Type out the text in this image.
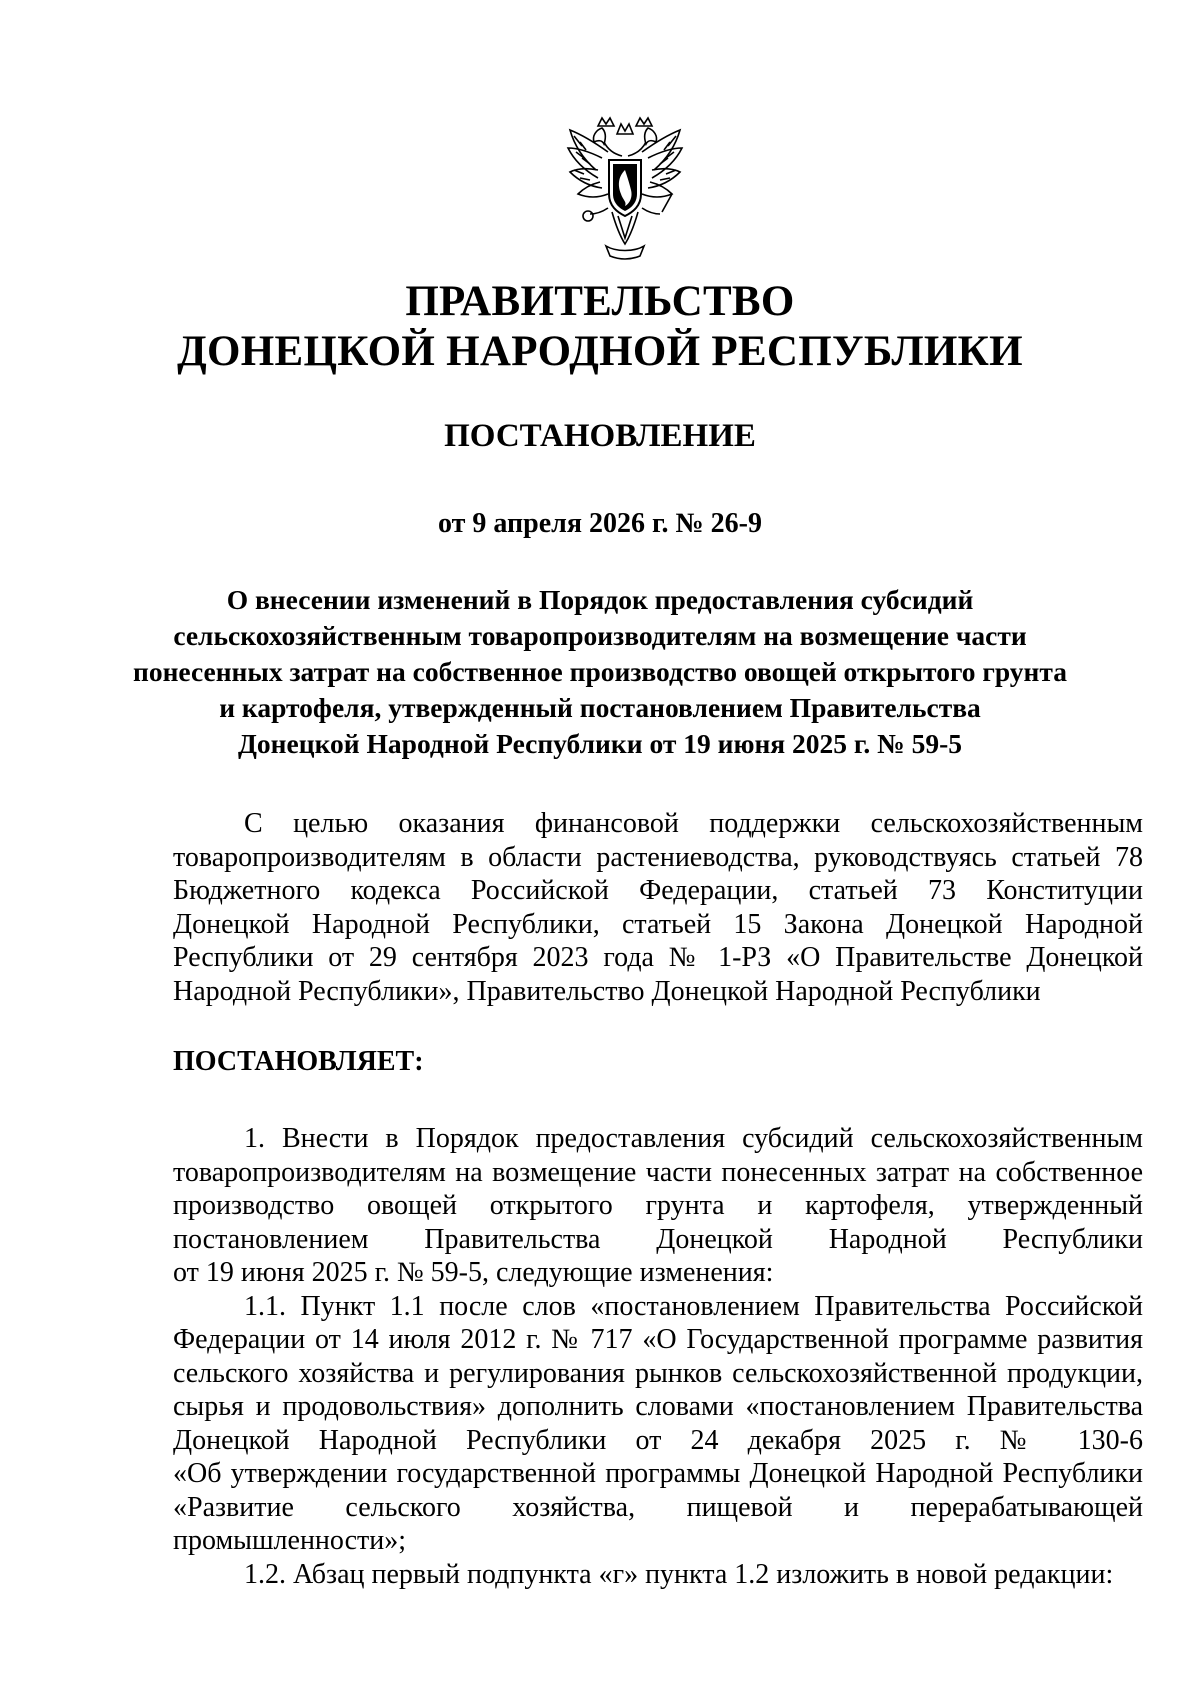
ПРАВИТЕЛЬСТВО
ДОНЕЦКОЙ НАРОДНОЙ РЕСПУБЛИКИ
ПОСТАНОВЛЕНИЕ
от 9 апреля 2026 г. № 26-9
О внесении изменений в Порядок предоставления субсидий
сельскохозяйственным товаропроизводителям на возмещение части
понесенных затрат на собственное производство овощей открытого грунта
и картофеля, утвержденный постановлением Правительства
Донецкой Народной Республики от 19 июня 2025 г. № 59-5
С целью оказания финансовой поддержки сельскохозяйственным
товаропроизводителям в области растениеводства, руководствуясь статьей 78
Бюджетного кодекса Российской Федерации, статьей 73 Конституции
Донецкой Народной Республики, статьей 15 Закона Донецкой Народной
Республики от 29 сентября 2023 года № 1-РЗ «О Правительстве Донецкой
Народной Республики», Правительство Донецкой Народной Республики
ПОСТАНОВЛЯЕТ:
1. Внести в Порядок предоставления субсидий сельскохозяйственным
товаропроизводителям на возмещение части понесенных затрат на собственное
производство овощей открытого грунта и картофеля, утвержденный
постановлением Правительства Донецкой Народной Республики
от 19 июня 2025 г. № 59-5, следующие изменения:
1.1. Пункт 1.1 после слов «постановлением Правительства Российской
Федерации от 14 июля 2012 г. № 717 «О Государственной программе развития
сельского хозяйства и регулирования рынков сельскохозяйственной продукции,
сырья и продовольствия» дополнить словами «постановлением Правительства
Донецкой Народной Республики от 24 декабря 2025 г. № 130-6
«Об утверждении государственной программы Донецкой Народной Республики
«Развитие сельского хозяйства, пищевой и перерабатывающей
промышленности»;
1.2. Абзац первый подпункта «г» пункта 1.2 изложить в новой редакции:
